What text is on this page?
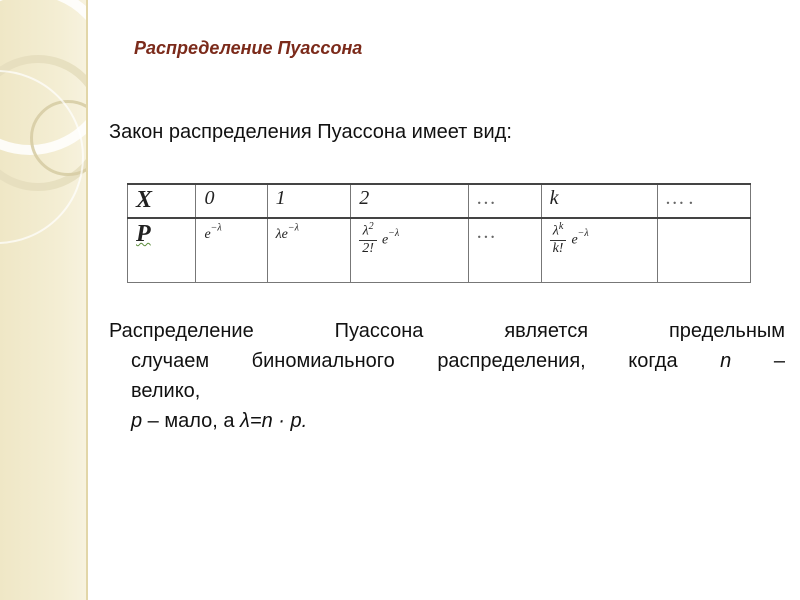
Распределение Пуассона
Закон распределения Пуассона имеет вид:
X	0	1	2	…	k	… .
P	$e^{-\lambda}$	$\lambda e^{-\lambda}$	$\frac{\lambda^2}{2!} e^{-\lambda}$	…	$\frac{\lambda^k}{k!} e^{-\lambda}$	
Распределение Пуассона является предельным
случаем биномиального распределения, когда n –
велико,
p – мало, а λ=n · p.
